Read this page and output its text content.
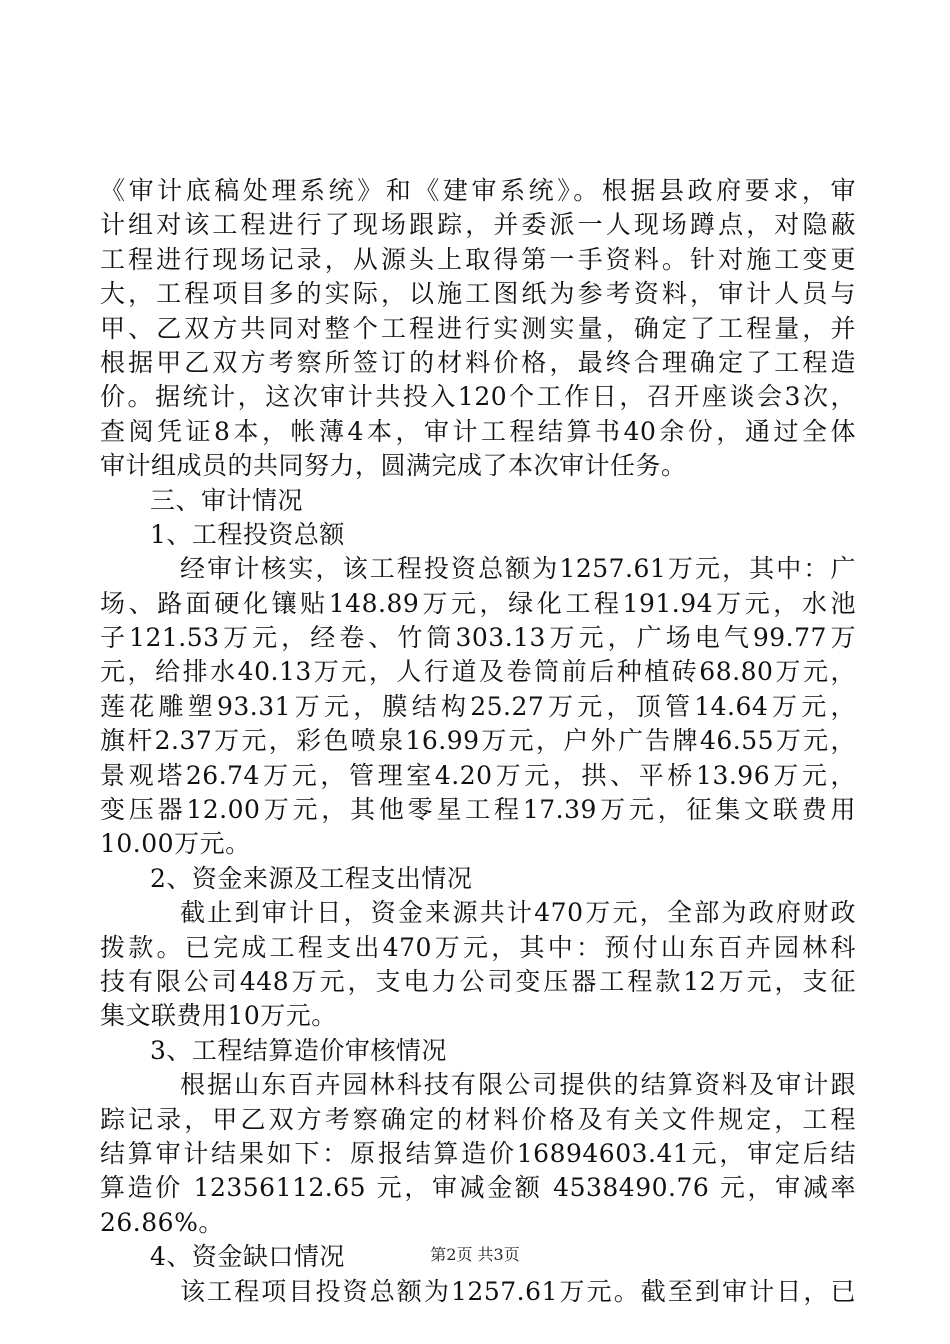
《审计底稿处理系统》和《建审系统》。根据县政府要求，审
计组对该工程进行了现场跟踪，并委派一人现场蹲点，对隐蔽
工程进行现场记录，从源头上取得第一手资料。针对施工变更
大，工程项目多的实际，以施工图纸为参考资料，审计人员与
甲、乙双方共同对整个工程进行实测实量，确定了工程量，并
根据甲乙双方考察所签订的材料价格，最终合理确定了工程造
价。据统计，这次审计共投入120个工作日，召开座谈会3次，
查阅凭证8本，帐薄4本，审计工程结算书40余份，通过全体
审计组成员的共同努力，圆满完成了本次审计任务。
三、审计情况
1、工程投资总额
经审计核实，该工程投资总额为1257.61万元，其中：广
场、路面硬化镶贴148.89万元，绿化工程191.94万元，水池
子121.53万元，经卷、竹筒303.13万元，广场电气99.77万
元，给排水40.13万元，人行道及卷筒前后种植砖68.80万元，
莲花雕塑93.31万元，膜结构25.27万元，顶管14.64万元，
旗杆2.37万元，彩色喷泉16.99万元，户外广告牌46.55万元，
景观塔26.74万元，管理室4.20万元，拱、平桥13.96万元，
变压器12.00万元，其他零星工程17.39万元，征集文联费用
10.00万元。
2、资金来源及工程支出情况
截止到审计日，资金来源共计470万元，全部为政府财政
拨款。已完成工程支出470万元，其中：预付山东百卉园林科
技有限公司448万元，支电力公司变压器工程款12万元，支征
集文联费用10万元。
3、工程结算造价审核情况
根据山东百卉园林科技有限公司提供的结算资料及审计跟
踪记录，甲乙双方考察确定的材料价格及有关文件规定，工程
结算审计结果如下：原报结算造价16894603.41元，审定后结
算造价 12356112.65 元，审减金额 4538490.76 元，审减率
26.86%。
4、资金缺口情况
该工程项目投资总额为1257.61万元。截至到审计日，已
第2页 共3页
